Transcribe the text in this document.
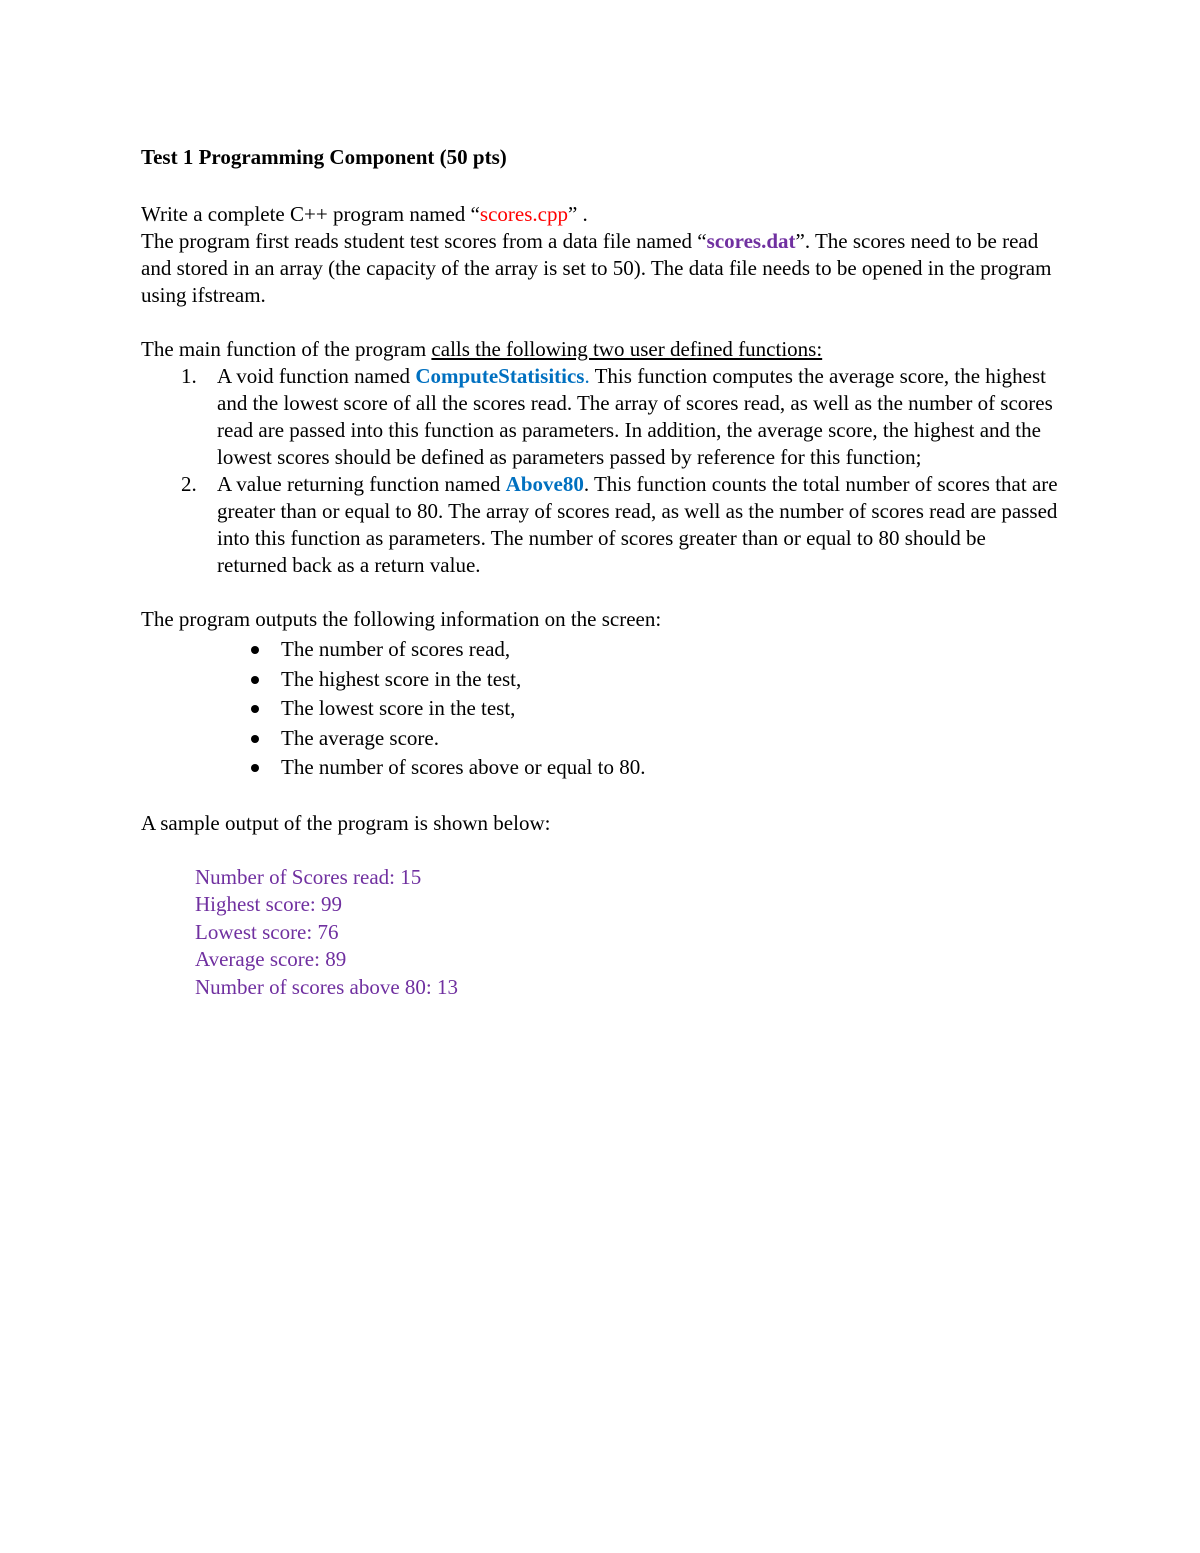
Test 1 Programming Component (50 pts)

Write a complete C++ program named “scores.cpp” .

The program first reads student test scores from a data file named “scores.dat”. The scores need to be read and stored in an array (the capacity of the array is set to 50). The data file needs to be opened in the program using ifstream.

The main function of the program calls the following two user defined functions:

1. A void function named ComputeStatisitics. This function computes the average score, the highest and the lowest score of all the scores read. The array of scores read, as well as the number of scores read are passed into this function as parameters. In addition, the average score, the highest and the lowest scores should be defined as parameters passed by reference for this function;
2. A value returning function named Above80. This function counts the total number of scores that are greater than or equal to 80. The array of scores read, as well as the number of scores read are passed into this function as parameters. The number of scores greater than or equal to 80 should be returned back as a return value.

The program outputs the following information on the screen:

The number of scores read,
The highest score in the test,
The lowest score in the test,
The average score.
The number of scores above or equal to 80.

A sample output of the program is shown below:

Number of Scores read: 15
Highest score: 99
Lowest score: 76
Average score: 89
Number of scores above 80: 13
